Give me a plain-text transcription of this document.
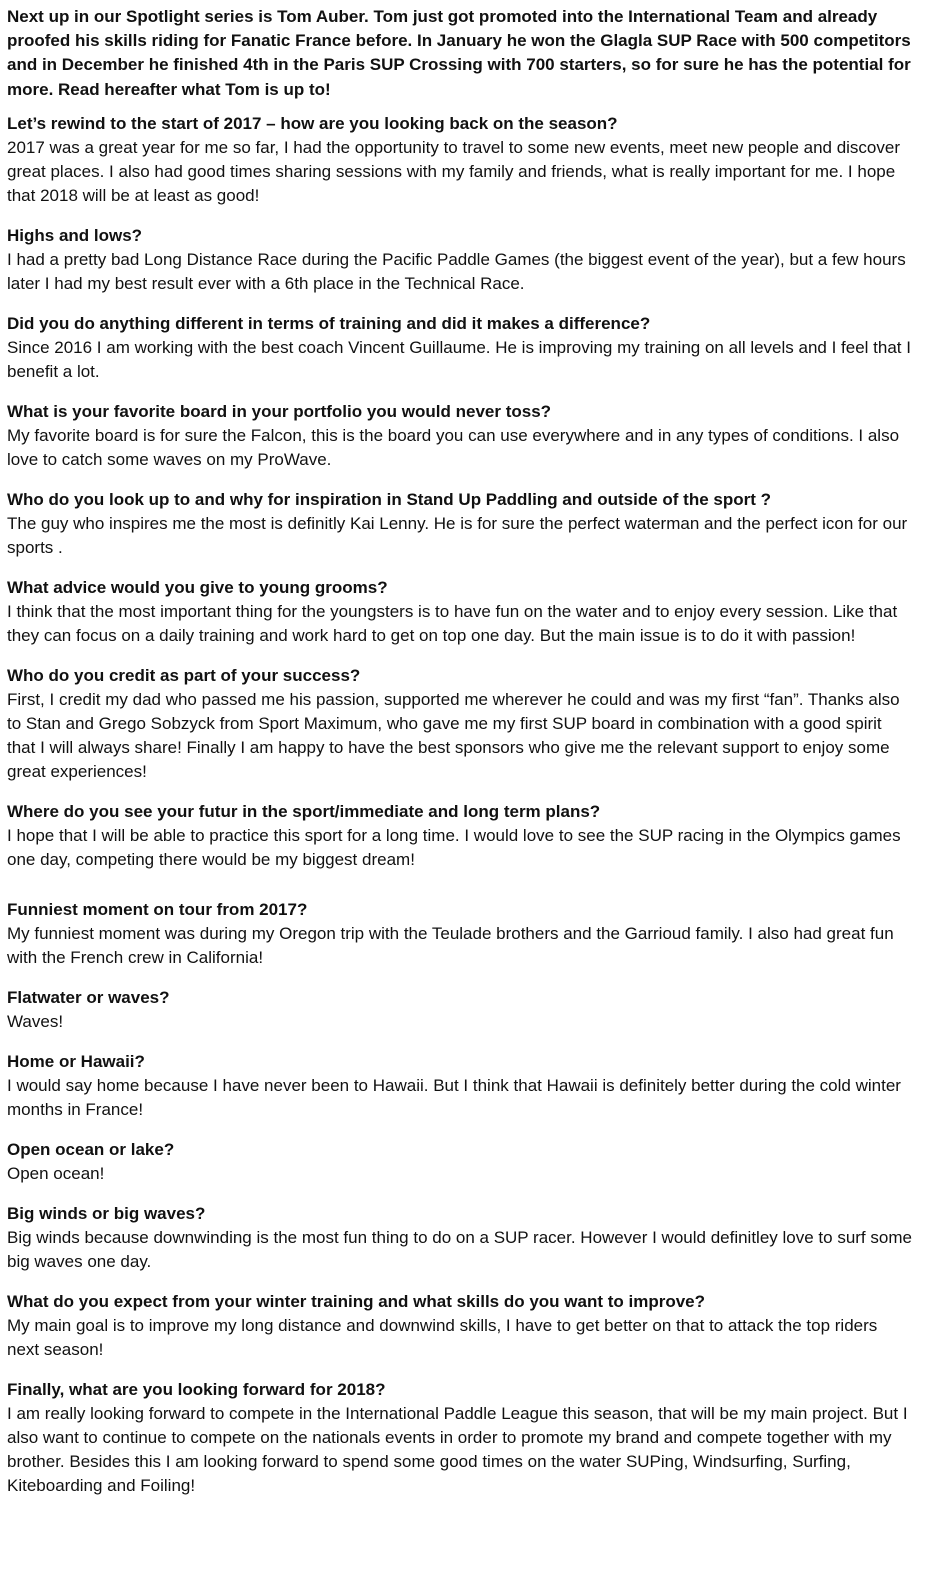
Next up in our Spotlight series is Tom Auber. Tom just got promoted into the International Team and already proofed his skills riding for Fanatic France before. In January he won the Glagla SUP Race with 500 competitors and in December he finished 4th in the Paris SUP Crossing with 700 starters, so for sure he has the potential for more. Read hereafter what Tom is up to!

Let’s rewind to the start of 2017 – how are you looking back on the season?

2017 was a great year for me so far, I had the opportunity to travel to some new events, meet new people and discover great places. I also had good times sharing sessions with my family and friends, what is really important for me. I hope that 2018 will be at least as good!

Highs and lows?

I had a pretty bad Long Distance Race during the Pacific Paddle Games (the biggest event of the year), but a few hours later I had my best result ever with a 6th place in the Technical Race.

Did you do anything different in terms of training and did it makes a difference?

Since 2016 I am working with the best coach Vincent Guillaume. He is improving my training on all levels and I feel that I benefit a lot.

What is your favorite board in your portfolio you would never toss?

My favorite board is for sure the Falcon, this is the board you can use everywhere and in any types of conditions. I also love to catch some waves on my ProWave.

Who do you look up to and why for inspiration in Stand Up Paddling and outside of the sport ?

The guy who inspires me the most is definitly Kai Lenny. He is for sure the perfect waterman and the perfect icon for our sports .

What advice would you give to young grooms?

I think that the most important thing for the youngsters is to have fun on the water and to enjoy every session. Like that they can focus on a daily training and work hard to get on top one day. But the main issue is to do it with passion!

Who do you credit as part of your success?

First, I credit my dad who passed me his passion, supported me wherever he could and was my first “fan”. Thanks also to Stan and Grego Sobzyck from Sport Maximum, who gave me my first SUP board in combination with a good spirit that I will always share! Finally I am happy to have the best sponsors who give me the relevant support to enjoy some great experiences!

Where do you see your futur in the sport/immediate and long term plans?

I hope that I will be able to practice this sport for a long time. I would love to see the SUP racing in the Olympics games one day, competing there would be my biggest dream!

Funniest moment on tour from 2017?

My funniest moment was during my Oregon trip with the Teulade brothers and the Garrioud family. I also had great fun with the French crew in California!

Flatwater or waves?

Waves!

Home or Hawaii?

I would say home because I have never been to Hawaii. But I think that Hawaii is definitely better during the cold winter months in France!

Open ocean or lake?

Open ocean!

Big winds or big waves?

Big winds because downwinding is the most fun thing to do on a SUP racer. However I would definitley love to surf some big waves one day.

What do you expect from your winter training and what skills do you want to improve?

My main goal is to improve my long distance and downwind skills, I have to get better on that to attack the top riders next season!

Finally, what are you looking forward for 2018?

I am really looking forward to compete in the International Paddle League this season, that will be my main project. But I also want to continue to compete on the nationals events in order to promote my brand and compete together with my brother. Besides this I am looking forward to spend some good times on the water SUPing, Windsurfing, Surfing, Kiteboarding and Foiling!
